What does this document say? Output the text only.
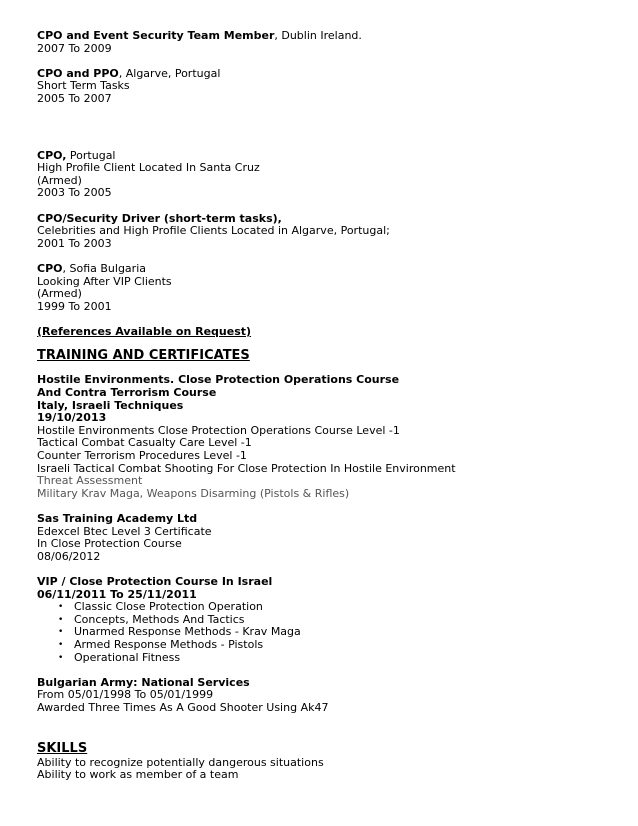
CPO and Event Security Team Member, Dublin Ireland.
2007 To 2009
CPO and PPO, Algarve, Portugal
Short Term Tasks
2005 To 2007
CPO, Portugal
High Profile Client Located In Santa Cruz
(Armed)
2003 To 2005
CPO/Security Driver (short-term tasks),
Celebrities and High Profile Clients Located in Algarve, Portugal;
2001 To 2003
CPO, Sofia Bulgaria
Looking After VIP Clients
(Armed)
1999 To 2001
(References Available on Request)
TRAINING AND CERTIFICATES
Hostile Environments. Close Protection Operations Course
And Contra Terrorism Course
Italy, Israeli Techniques
19/10/2013
Hostile Environments Close Protection Operations Course Level -1
Tactical Combat Casualty Care Level -1
Counter Terrorism Procedures Level -1
Israeli Tactical Combat Shooting For Close Protection In Hostile Environment
Threat Assessment
Military Krav Maga, Weapons Disarming (Pistols & Rifles)
Sas Training Academy Ltd
Edexcel Btec Level 3 Certificate
In Close Protection Course
08/06/2012
VIP / Close Protection Course In Israel
06/11/2011 To 25/11/2011
• Classic Close Protection Operation
• Concepts, Methods And Tactics
• Unarmed Response Methods - Krav Maga
• Armed Response Methods - Pistols
• Operational Fitness
Bulgarian Army: National Services
From 05/01/1998 To 05/01/1999
Awarded Three Times As A Good Shooter Using Ak47
SKILLS
Ability to recognize potentially dangerous situations
Ability to work as member of a team
